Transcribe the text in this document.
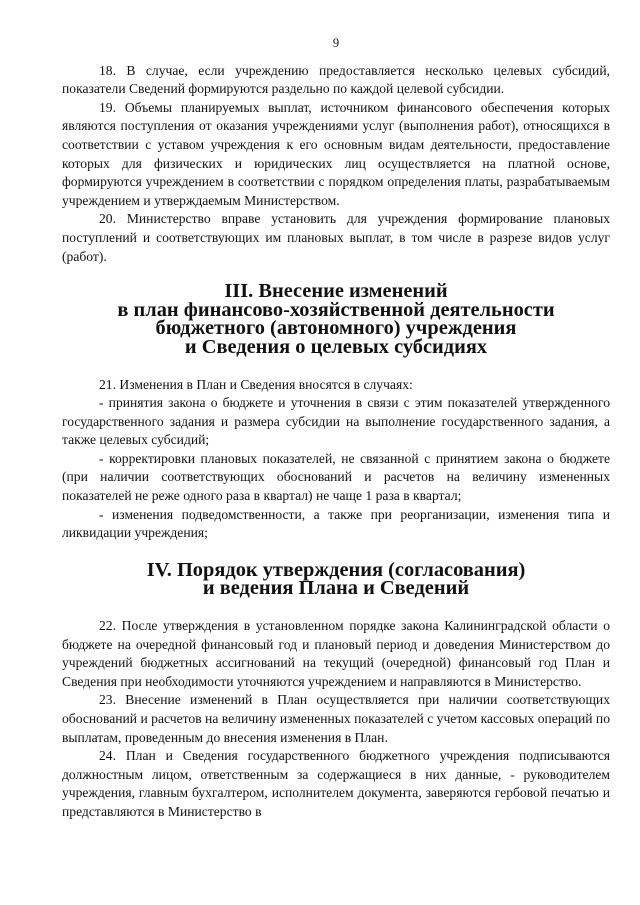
9

18. В случае, если учреждению предоставляется несколько целевых субсидий, показатели Сведений формируются раздельно по каждой целевой субсидии.

19. Объемы планируемых выплат, источником финансового обеспечения которых являются поступления от оказания учреждениями услуг (выполнения работ), относящихся в соответствии с уставом учреждения к его основным видам деятельности, предоставление которых для физических и юридических лиц осуществляется на платной основе, формируются учреждением в соответствии с порядком определения платы, разрабатываемым учреждением и утверждаемым Министерством.

20. Министерство вправе установить для учреждения формирование плановых поступлений и соответствующих им плановых выплат, в том числе в разрезе видов услуг (работ).

III. Внесение изменений
в план финансово-хозяйственной деятельности
бюджетного (автономного) учреждения
и Сведения о целевых субсидиях

21. Изменения в План и Сведения вносятся в случаях:

- принятия закона о бюджете и уточнения в связи с этим показателей утвержденного государственного задания и размера субсидии на выполнение государственного задания, а также целевых субсидий;

- корректировки плановых показателей, не связанной с принятием закона о бюджете (при наличии соответствующих обоснований и расчетов на величину измененных показателей не реже одного раза в квартал) не чаще 1 раза в квартал;

- изменения подведомственности, а также при реорганизации, изменения типа и ликвидации учреждения;

IV. Порядок утверждения (согласования)
и ведения Плана и Сведений

22. После утверждения в установленном порядке закона Калининградской области о бюджете на очередной финансовый год и плановый период и доведения Министерством до учреждений бюджетных ассигнований на текущий (очередной) финансовый год План и Сведения при необходимости уточняются учреждением и направляются в Министерство.

23. Внесение изменений в План осуществляется при наличии соответствующих обоснований и расчетов на величину измененных показателей с учетом кассовых операций по выплатам, проведенным до внесения изменения в План.

24. План и Сведения государственного бюджетного учреждения подписываются должностным лицом, ответственным за содержащиеся в них данные, - руководителем учреждения, главным бухгалтером, исполнителем документа, заверяются гербовой печатью и представляются в Министерство в
